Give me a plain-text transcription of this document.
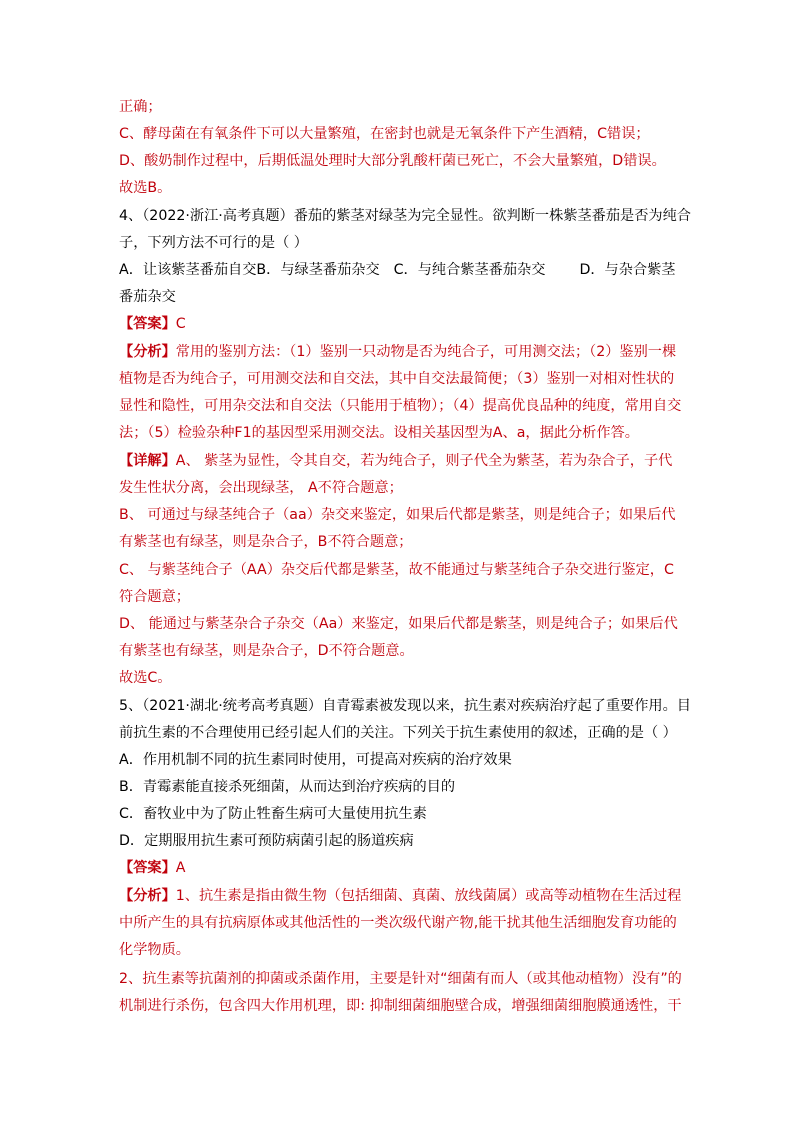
正确；
C、酵母菌在有氧条件下可以大量繁殖，在密封也就是无氧条件下产生酒精，C错误；
D、酸奶制作过程中，后期低温处理时大部分乳酸杆菌已死亡，不会大量繁殖，D错误。
故选B。
4、（2022·浙江·高考真题）番茄的紫茎对绿茎为完全显性。欲判断一株紫茎番茄是否为纯合
子，下列方法不可行的是（ ）
A．让该紫茎番茄自交B．与绿茎番茄杂交 C．与纯合紫茎番茄杂交 D．与杂合紫茎
番茄杂交
【答案】C
【分析】常用的鉴别方法：（1）鉴别一只动物是否为纯合子，可用测交法；（2）鉴别一棵
植物是否为纯合子，可用测交法和自交法，其中自交法最简便；（3）鉴别一对相对性状的
显性和隐性，可用杂交法和自交法（只能用于植物）；（4）提高优良品种的纯度，常用自交
法；（5）检验杂种F1的基因型采用测交法。设相关基因型为A、a，据此分析作答。
【详解】A、 紫茎为显性，令其自交，若为纯合子，则子代全为紫茎，若为杂合子，子代
发生性状分离，会出现绿茎， A不符合题意；
B、 可通过与绿茎纯合子（aa）杂交来鉴定，如果后代都是紫茎，则是纯合子；如果后代
有紫茎也有绿茎，则是杂合子，B不符合题意；
C、 与紫茎纯合子（AA）杂交后代都是紫茎，故不能通过与紫茎纯合子杂交进行鉴定，C
符合题意；
D、 能通过与紫茎杂合子杂交（Aa）来鉴定，如果后代都是紫茎，则是纯合子；如果后代
有紫茎也有绿茎，则是杂合子，D不符合题意。
故选C。
5、（2021·湖北·统考高考真题）自青霉素被发现以来，抗生素对疾病治疗起了重要作用。目
前抗生素的不合理使用已经引起人们的关注。下列关于抗生素使用的叙述，正确的是（ ）
A．作用机制不同的抗生素同时使用，可提高对疾病的治疗效果
B．青霉素能直接杀死细菌，从而达到治疗疾病的目的
C．畜牧业中为了防止牲畜生病可大量使用抗生素
D．定期服用抗生素可预防病菌引起的肠道疾病
【答案】A
【分析】1、抗生素是指由微生物（包括细菌、真菌、放线菌属）或高等动植物在生活过程
中所产生的具有抗病原体或其他活性的一类次级代谢产物,能干扰其他生活细胞发育功能的
化学物质。
2、抗生素等抗菌剂的抑菌或杀菌作用，主要是针对“细菌有而人（或其他动植物）没有”的
机制进行杀伤，包含四大作用机理，即: 抑制细菌细胞壁合成，增强细菌细胞膜通透性，干
